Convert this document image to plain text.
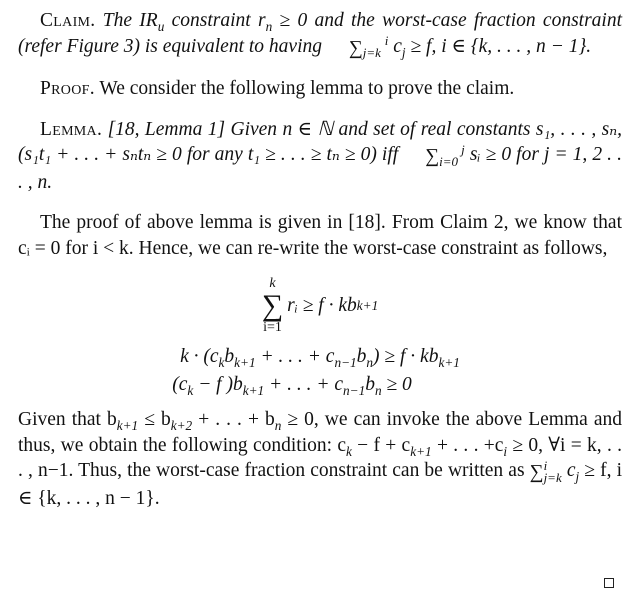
Claim. The $IR_u$ constraint $r_n \ge 0$ and the worst-case fraction constraint (refer Figure 3) is equivalent to having ∑ i
j=k $c_j \ge f$, i ∈ {k, . . . , n − 1}.

Proof. We consider the following lemma to prove the claim.

Lemma. [18, Lemma 1] Given n ∈ ℕ and set of real constants s₁, . . . , sₙ, (s₁t₁ + . . . + sₙtₙ ≥ 0 for any t₁ ≥ . . . ≥ tₙ ≥ 0) iff ∑ j
i=0 sᵢ ≥ 0 for j = 1, 2 . . . , n.

The proof of above lemma is given in [18]. From Claim 2, we know that cᵢ = 0 for i < k. Hence, we can re-write the worst-case constraint as follows,

k
∑
i=1
rᵢ ≥ f · kb k+1
$k \cdot (c_kb_{k+1}$ + . . . + $c_{n-1}b_n) \ge f \cdot kb_{k+1}$
($c_k - f$ )$b_{k+1}$ + . . . + $c_{n-1}b_n \ge 0$

Given that $b_{k+1} \le b_{k+2}$ + . . . + $b_n \ge 0$, we can invoke the above Lemma and thus, we obtain the following condition: $c_k - f + c_{k+1}$ + . . . $+c_i \ge 0$, ∀i = k, . . . , n−1. Thus, the worst-case fraction constraint can be written as ∑i
j=k $c_j \ge f$, i ∈ {k, . . . , n − 1}.
